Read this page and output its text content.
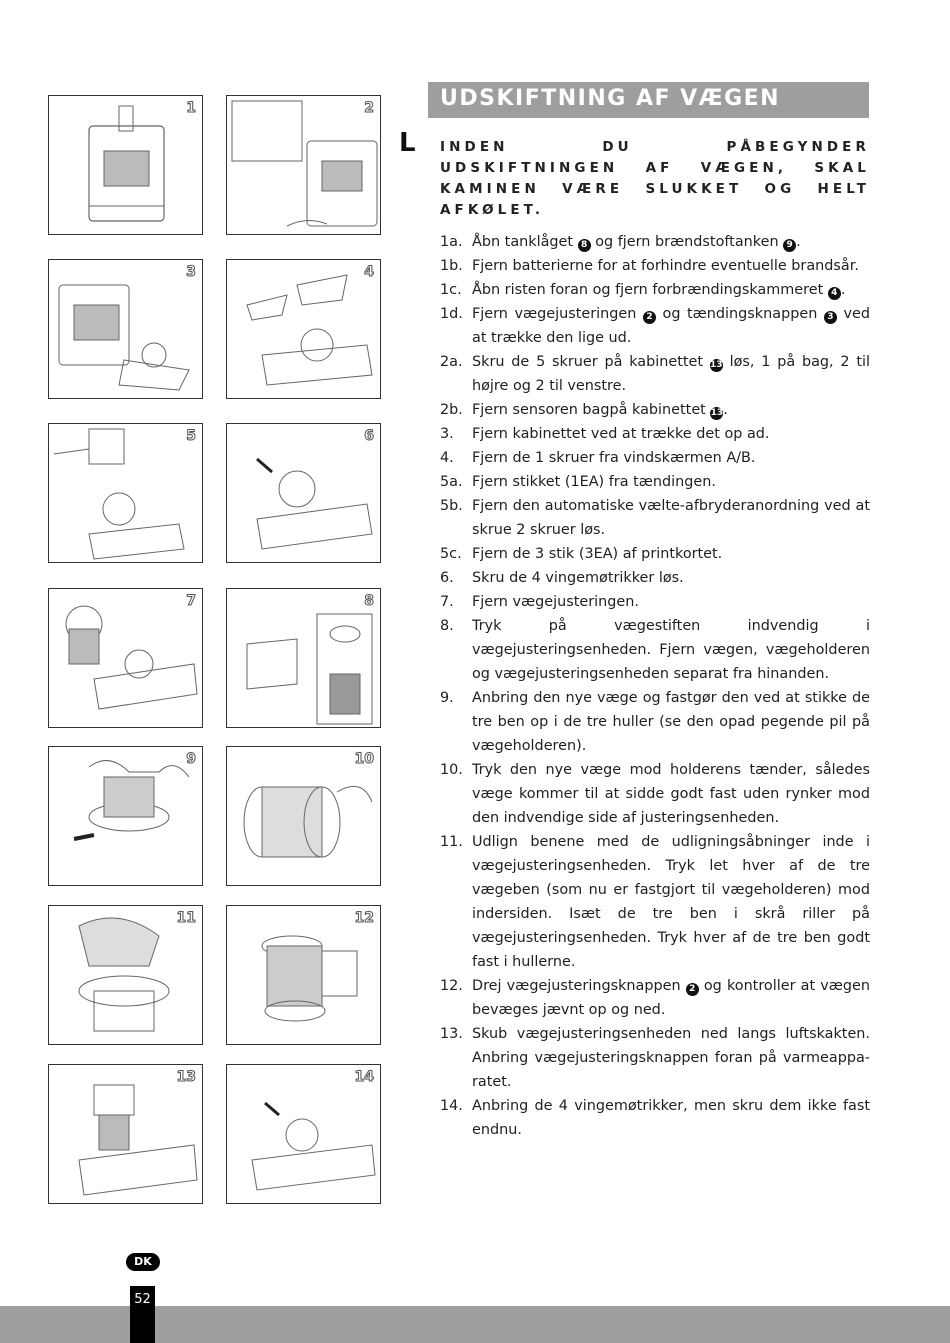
1	2
3	4
5	6
7	8
9	10
11	12
13	14
UDSKIFTNING AF VÆGEN
L INDEN DU PÅBEGYNDER UDSKIFTNINGEN AF VÆGEN, SKAL KAMINEN VÆRE SLUKKET OG HELT AFKØLET.
1a. Åbn tanklåget 8 og fjern brændstoftanken 9 .
1b. Fjern batterierne for at forhindre eventuelle brandsår.
1c. Åbn risten foran og fjern forbrændingskammeret 4 .
1d. Fjern vægejusteringen 2 og tændingsknappen 3 ved at trække den lige ud.
2a. Skru de 5 skruer på kabinettet 13 løs, 1 på bag, 2 til højre og 2 til venstre.
2b. Fjern sensoren bagpå kabinettet 13.
3.	Fjern kabinettet ved at trække det op ad.
4.	Fjern de 1 skruer fra vindskærmen A/B.
5a. Fjern stikket (1EA) fra tændingen.
5b. Fjern den automatiske vælte-afbryderanordning ved at skrue 2 skruer løs.
5c. Fjern de 3 stik (3EA) af printkortet.
6.	Skru de 4 vingemøtrikker løs.
7.	Fjern vægejusteringen.
8.	Tryk på vægestiften indvendig i vægejusteringsenheden. Fjern vægen, vægeholderen og vægejusteringsenheden separat fra hinanden.
9.	Anbring den nye væge og fastgør den ved at stikke de tre ben op i de tre huller (se den opad pegende pil på vægeholderen).
10. Tryk den nye væge mod holderens tænder, således væge kommer til at sidde godt fast uden rynker mod den indvendige side af justeringsenheden.
11. Udlign benene med de udligningsåbninger inde i vægejusteringsenheden. Tryk let hver af de tre vægeben (som nu er fastgjort til vægeholderen) mod indersiden. Isæt de tre ben i skrå riller på vægejusteringsenheden. Tryk hver af de tre ben godt fast i hullerne.
12. Drej vægejusteringsknappen 2 og kontroller at vægen bevæges jævnt op og ned.
13. Skub vægejusteringsenheden ned langs luftskakten. Anbring vægejusteringsknappen foran på varmeappa-ratet.
14. Anbring de 4 vingemøtrikker, men skru dem ikke fast endnu.
52
DK
